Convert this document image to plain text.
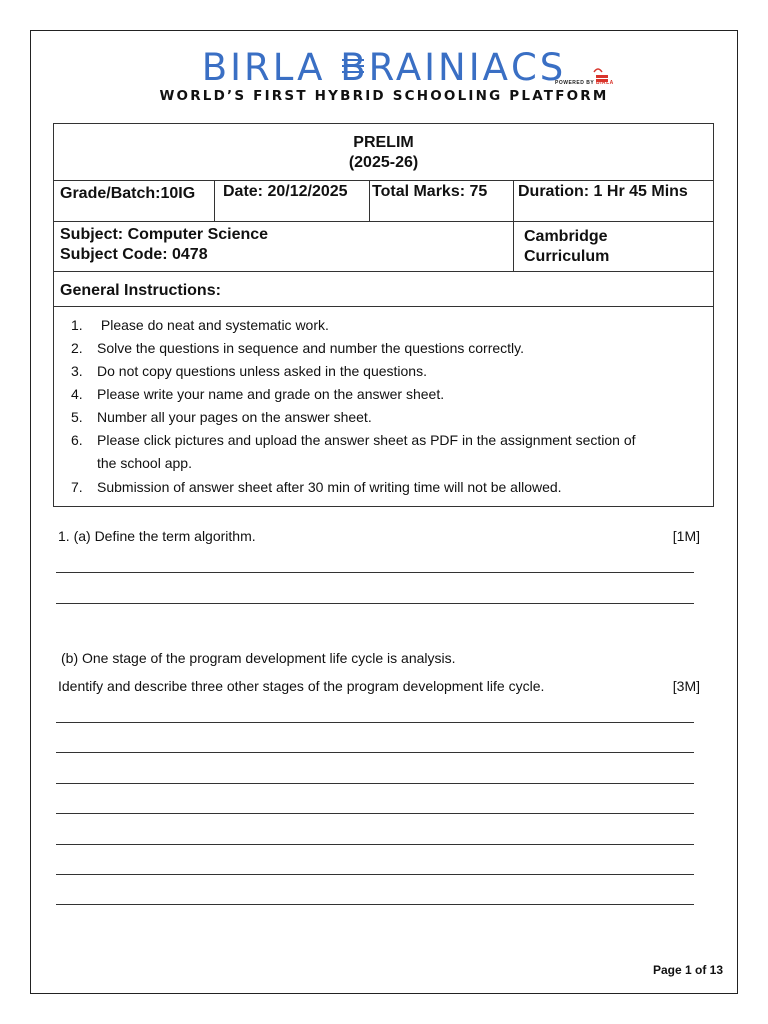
BIRLA B
RAINIACS
POWERED BY BIRLA
WORLD’S FIRST HYBRID SCHOOLING PLATFORM
PRELIM
(2025-26)
Grade/Batch:10IG Date: 20/12/2025 Total Marks: 75 Duration: 1 Hr 45 Mins
Subject: Computer Science
Subject Code: 0478
Cambridge
Curriculum
General Instructions:
1. Please do neat and systematic work.
2. Solve the questions in sequence and number the questions correctly.
3. Do not copy questions unless asked in the questions.
4. Please write your name and grade on the answer sheet.
5. Number all your pages on the answer sheet.
6. Please click pictures and upload the answer sheet as PDF in the assignment section of
the school app.
7. Submission of answer sheet after 30 min of writing time will not be allowed.
1. (a) Define the term algorithm.	[1M]
(b) One stage of the program development life cycle is analysis.
Identify and describe three other stages of the program development life cycle.	[3M]
Page 1 of 13
